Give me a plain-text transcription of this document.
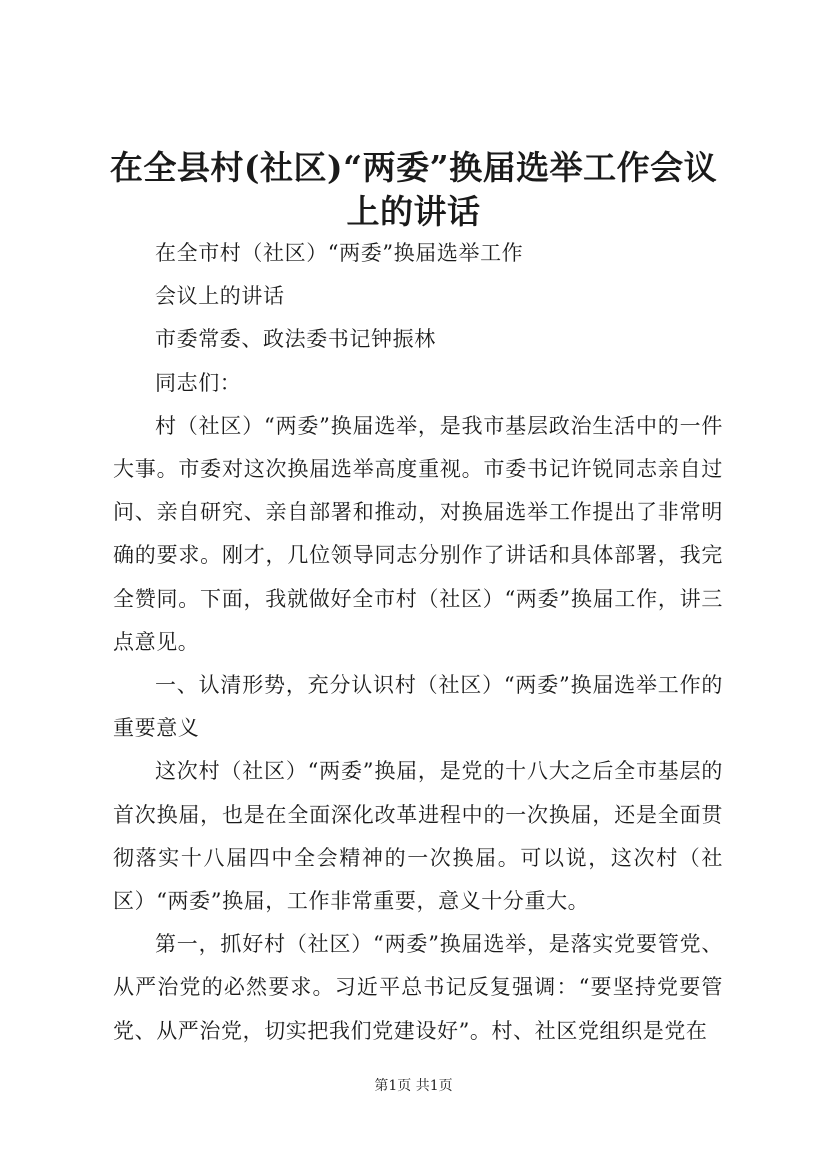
在全县村(社区)“两委”换届选举工作会议上的讲话

在全市村（社区）“两委”换届选举工作

会议上的讲话

市委常委、政法委书记钟振林

同志们：

村（社区）“两委”换届选举，是我市基层政治生活中的一件大事。市委对这次换届选举高度重视。市委书记许锐同志亲自过问、亲自研究、亲自部署和推动，对换届选举工作提出了非常明确的要求。刚才，几位领导同志分别作了讲话和具体部署，我完全赞同。下面，我就做好全市村（社区）“两委”换届工作，讲三点意见。

一、认清形势，充分认识村（社区）“两委”换届选举工作的重要意义

这次村（社区）“两委”换届，是党的十八大之后全市基层的首次换届，也是在全面深化改革进程中的一次换届，还是全面贯彻落实十八届四中全会精神的一次换届。可以说，这次村（社区）“两委”换届，工作非常重要，意义十分重大。

第一，抓好村（社区）“两委”换届选举，是落实党要管党、从严治党的必然要求。习近平总书记反复强调：“要坚持党要管党、从严治党，切实把我们党建设好”。村、社区党组织是党在

第1页 共1页
